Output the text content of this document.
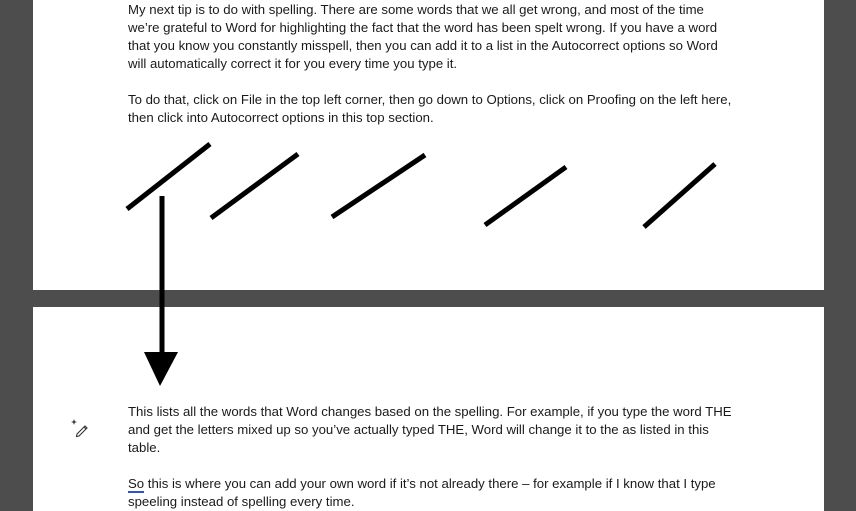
My next tip is to do with spelling. There are some words that we all get wrong, and most of the time we’re grateful to Word for highlighting the fact that the word has been spelt wrong. If you have a word that you know you constantly misspell, then you can add it to a list in the Autocorrect options so Word will automatically correct it for you every time you type it.

To do that, click on File in the top left corner, then go down to Options, click on Proofing on the left here, then click into Autocorrect options in this top section.

This lists all the words that Word changes based on the spelling. For example, if you type the word THE and get the letters mixed up so you’ve actually typed THE, Word will change it to the as listed in this table.

So this is where you can add your own word if it’s not already there – for example if I know that I type speeling instead of spelling every time.
